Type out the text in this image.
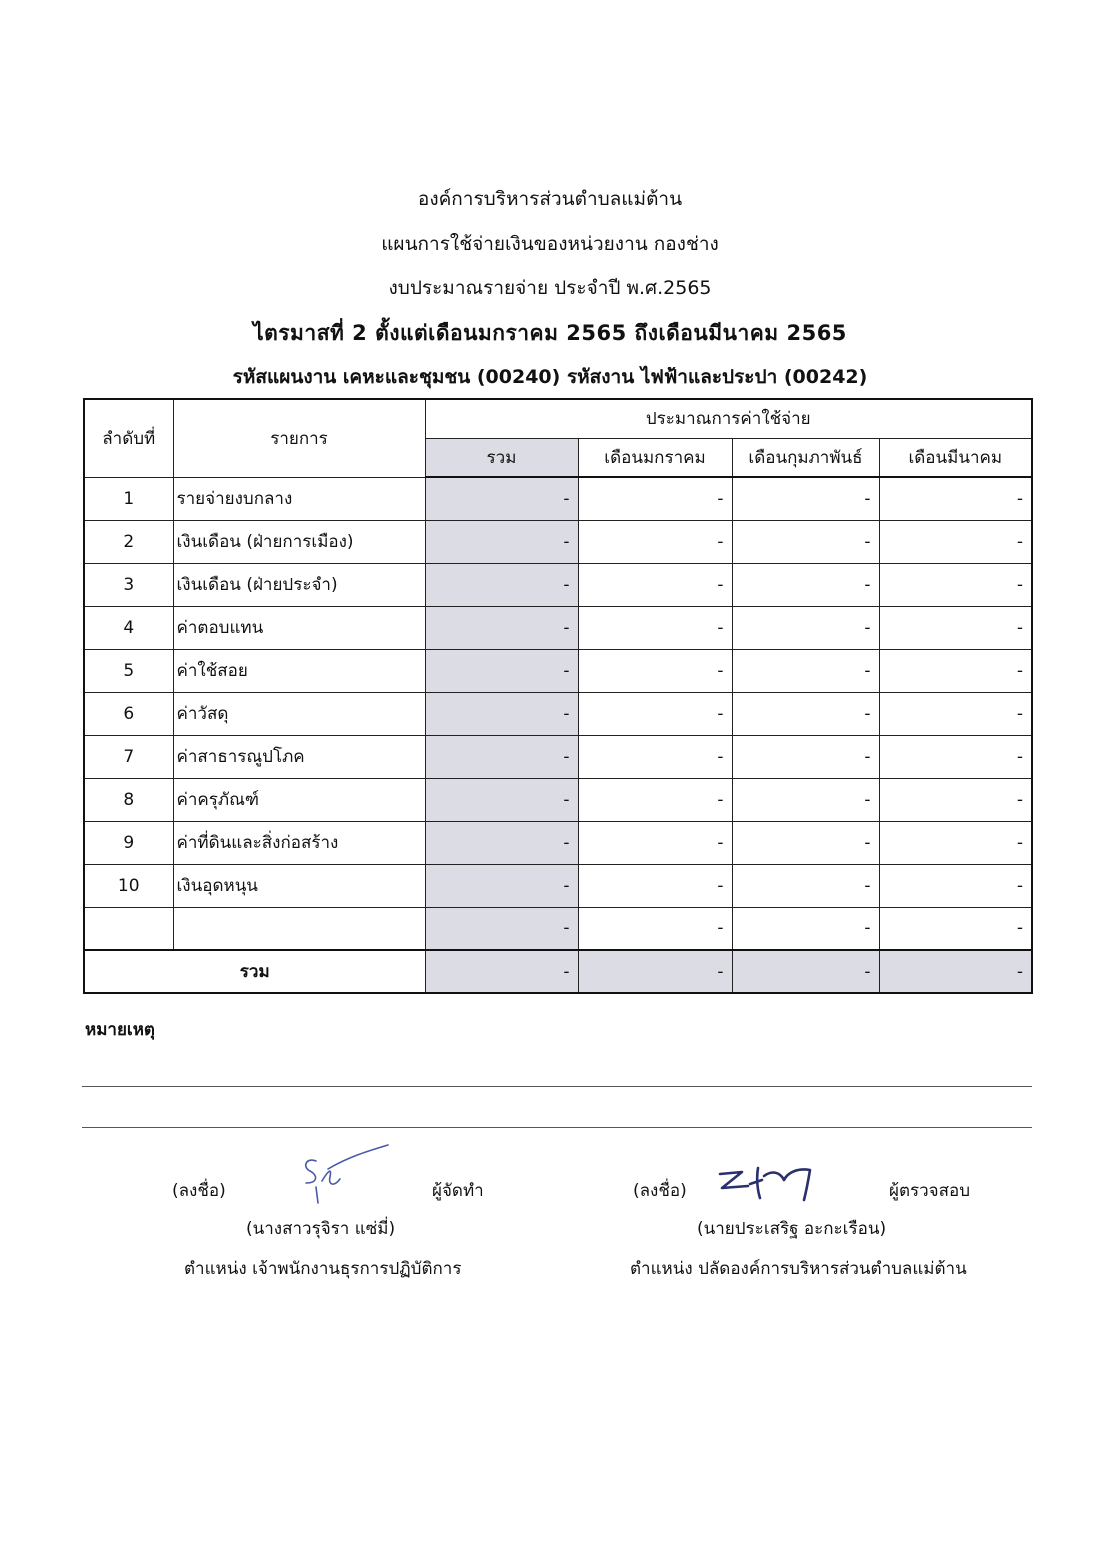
องค์การบริหารส่วนตำบลแม่ต้าน
แผนการใช้จ่ายเงินของหน่วยงาน กองช่าง
งบประมาณรายจ่าย ประจำปี พ.ศ.2565
ไตรมาสที่ 2 ตั้งแต่เดือนมกราคม 2565 ถึงเดือนมีนาคม 2565
รหัสแผนงาน เคหะและชุมชน (00240) รหัสงาน ไฟฟ้าและประปา (00242)
ลำดับที่	รายการ	ประมาณการค่าใช้จ่าย			
		รวม	เดือนมกราคม	เดือนกุมภาพันธ์	เดือนมีนาคม
1	รายจ่ายงบกลาง	-	-	-	-
2	เงินเดือน (ฝ่ายการเมือง)	-	-	-	-
3	เงินเดือน (ฝ่ายประจำ)	-	-	-	-
4	ค่าตอบแทน	-	-	-	-
5	ค่าใช้สอย	-	-	-	-
6	ค่าวัสดุ	-	-	-	-
7	ค่าสาธารณูปโภค	-	-	-	-
8	ค่าครุภัณฑ์	-	-	-	-
9	ค่าที่ดินและสิ่งก่อสร้าง	-	-	-	-
10	เงินอุดหนุน	-	-	-	-
		-	-	-	-
รวม		-	-	-	-
หมายเหตุ
(ลงชื่อ)	ผู้จัดทำ
(นางสาวรุจิรา แซ่มี่)
ตำแหน่ง เจ้าพนักงานธุรการปฏิบัติการ
(ลงชื่อ)	ผู้ตรวจสอบ
(นายประเสริฐ อะกะเรือน)
ตำแหน่ง ปลัดองค์การบริหารส่วนตำบลแม่ต้าน
